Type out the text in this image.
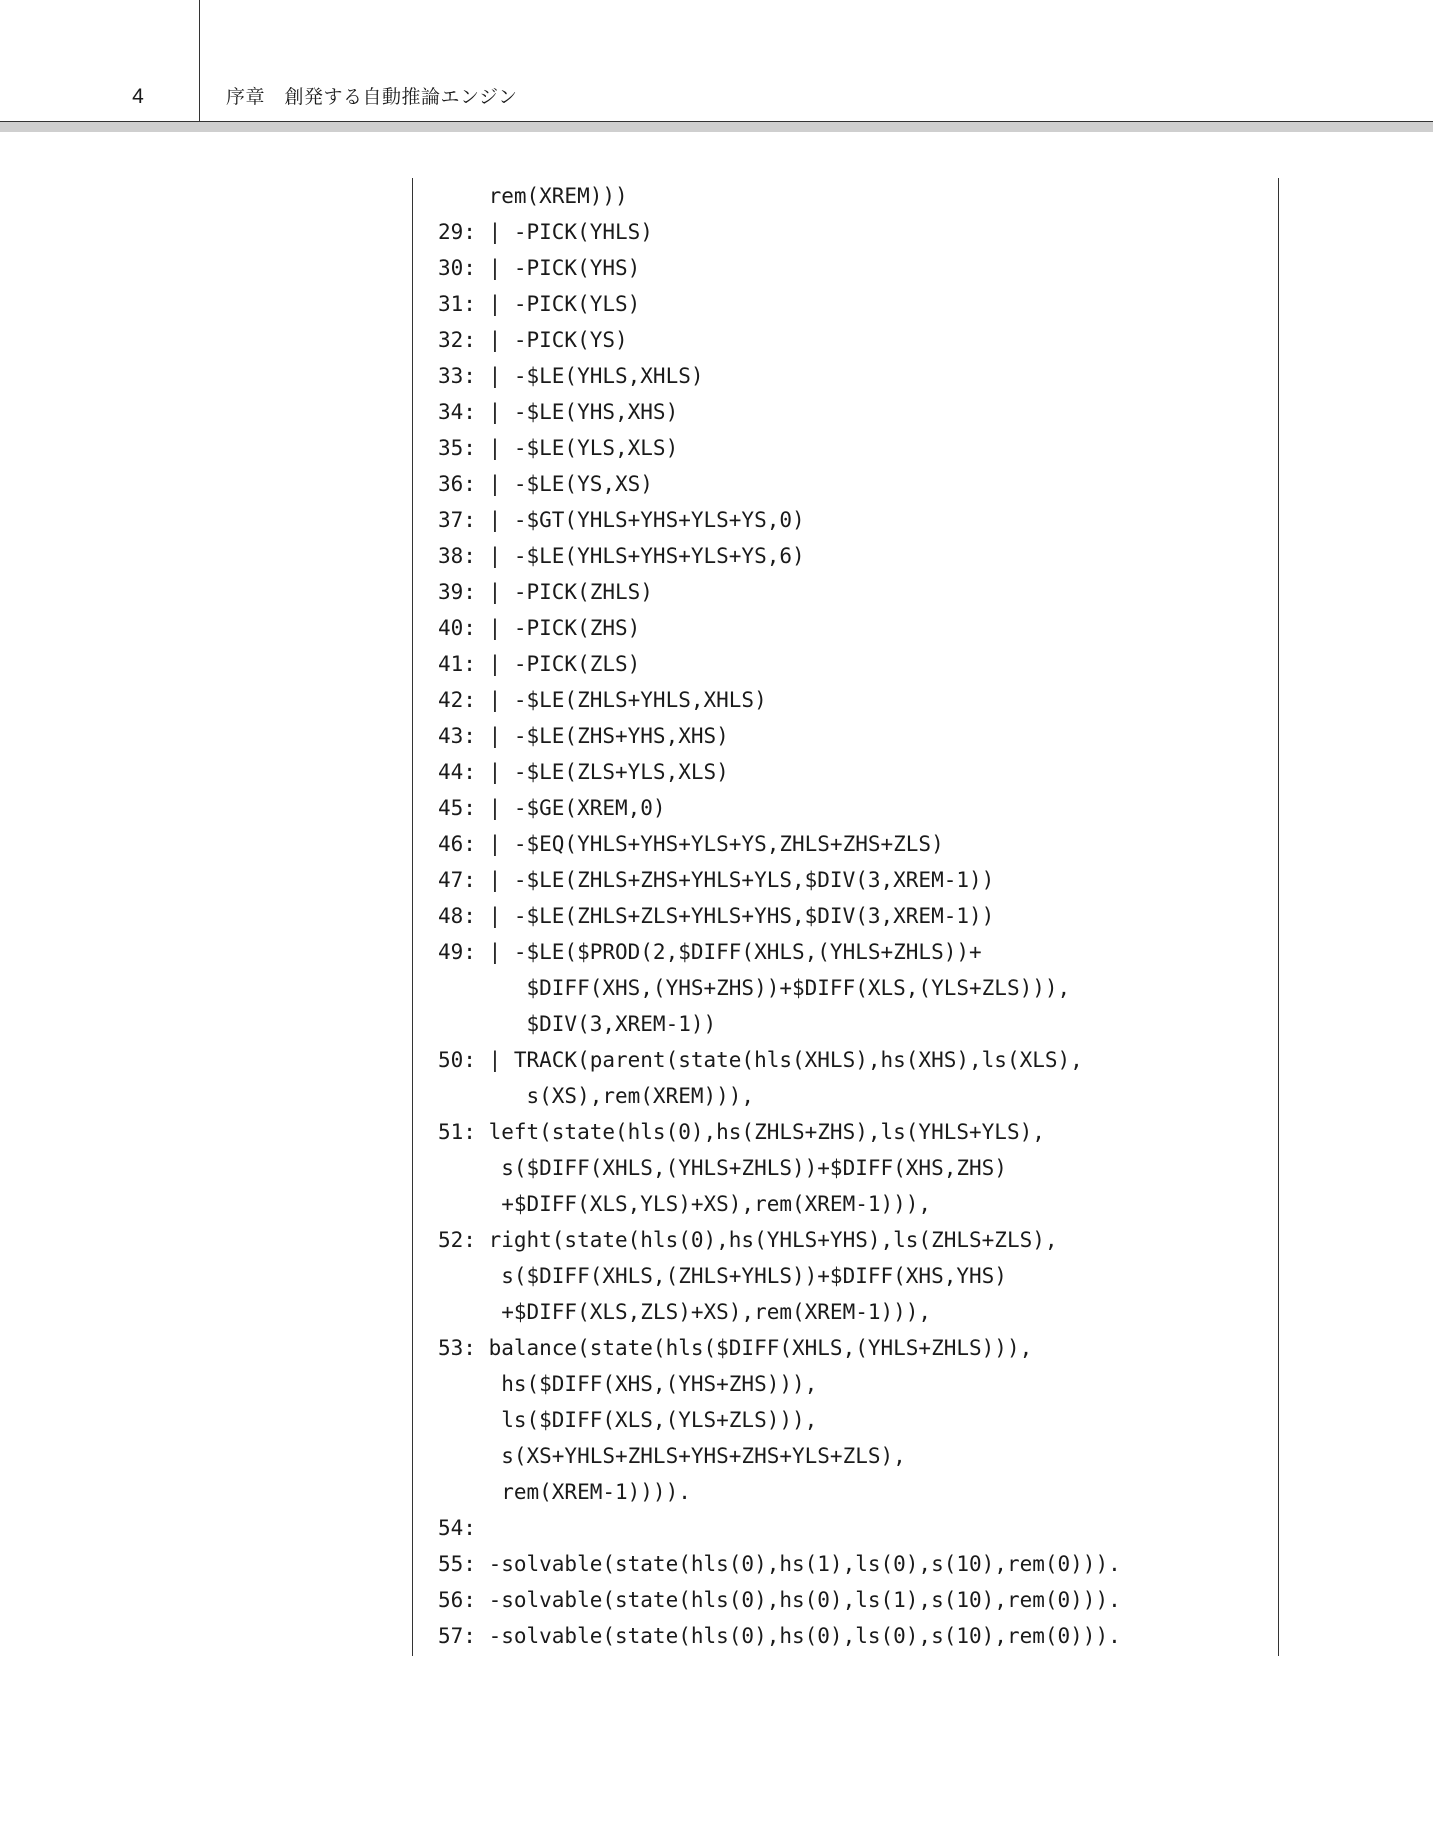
4	序章　創発する自動推論エンジン
rem(XREM)))
29: | -PICK(YHLS)
30: | -PICK(YHS)
31: | -PICK(YLS)
32: | -PICK(YS)
33: | -$LE(YHLS,XHLS)
34: | -$LE(YHS,XHS)
35: | -$LE(YLS,XLS)
36: | -$LE(YS,XS)
37: | -$GT(YHLS+YHS+YLS+YS,0)
38: | -$LE(YHLS+YHS+YLS+YS,6)
39: | -PICK(ZHLS)
40: | -PICK(ZHS)
41: | -PICK(ZLS)
42: | -$LE(ZHLS+YHLS,XHLS)
43: | -$LE(ZHS+YHS,XHS)
44: | -$LE(ZLS+YLS,XLS)
45: | -$GE(XREM,0)
46: | -$EQ(YHLS+YHS+YLS+YS,ZHLS+ZHS+ZLS)
47: | -$LE(ZHLS+ZHS+YHLS+YLS,$DIV(3,XREM-1))
48: | -$LE(ZHLS+ZLS+YHLS+YHS,$DIV(3,XREM-1))
49: | -$LE($PROD(2,$DIFF(XHLS,(YHLS+ZHLS))+
$DIFF(XHS,(YHS+ZHS))+$DIFF(XLS,(YLS+ZLS))),
$DIV(3,XREM-1))
50: | TRACK(parent(state(hls(XHLS),hs(XHS),ls(XLS),
s(XS),rem(XREM))),
51: left(state(hls(0),hs(ZHLS+ZHS),ls(YHLS+YLS),
s($DIFF(XHLS,(YHLS+ZHLS))+$DIFF(XHS,ZHS)
+$DIFF(XLS,YLS)+XS),rem(XREM-1))),
52: right(state(hls(0),hs(YHLS+YHS),ls(ZHLS+ZLS),
s($DIFF(XHLS,(ZHLS+YHLS))+$DIFF(XHS,YHS)
+$DIFF(XLS,ZLS)+XS),rem(XREM-1))),
53: balance(state(hls($DIFF(XHLS,(YHLS+ZHLS))),
hs($DIFF(XHS,(YHS+ZHS))),
ls($DIFF(XLS,(YLS+ZLS))),
s(XS+YHLS+ZHLS+YHS+ZHS+YLS+ZLS),
rem(XREM-1)))).
54:
55: -solvable(state(hls(0),hs(1),ls(0),s(10),rem(0))).
56: -solvable(state(hls(0),hs(0),ls(1),s(10),rem(0))).
57: -solvable(state(hls(0),hs(0),ls(0),s(10),rem(0))).
